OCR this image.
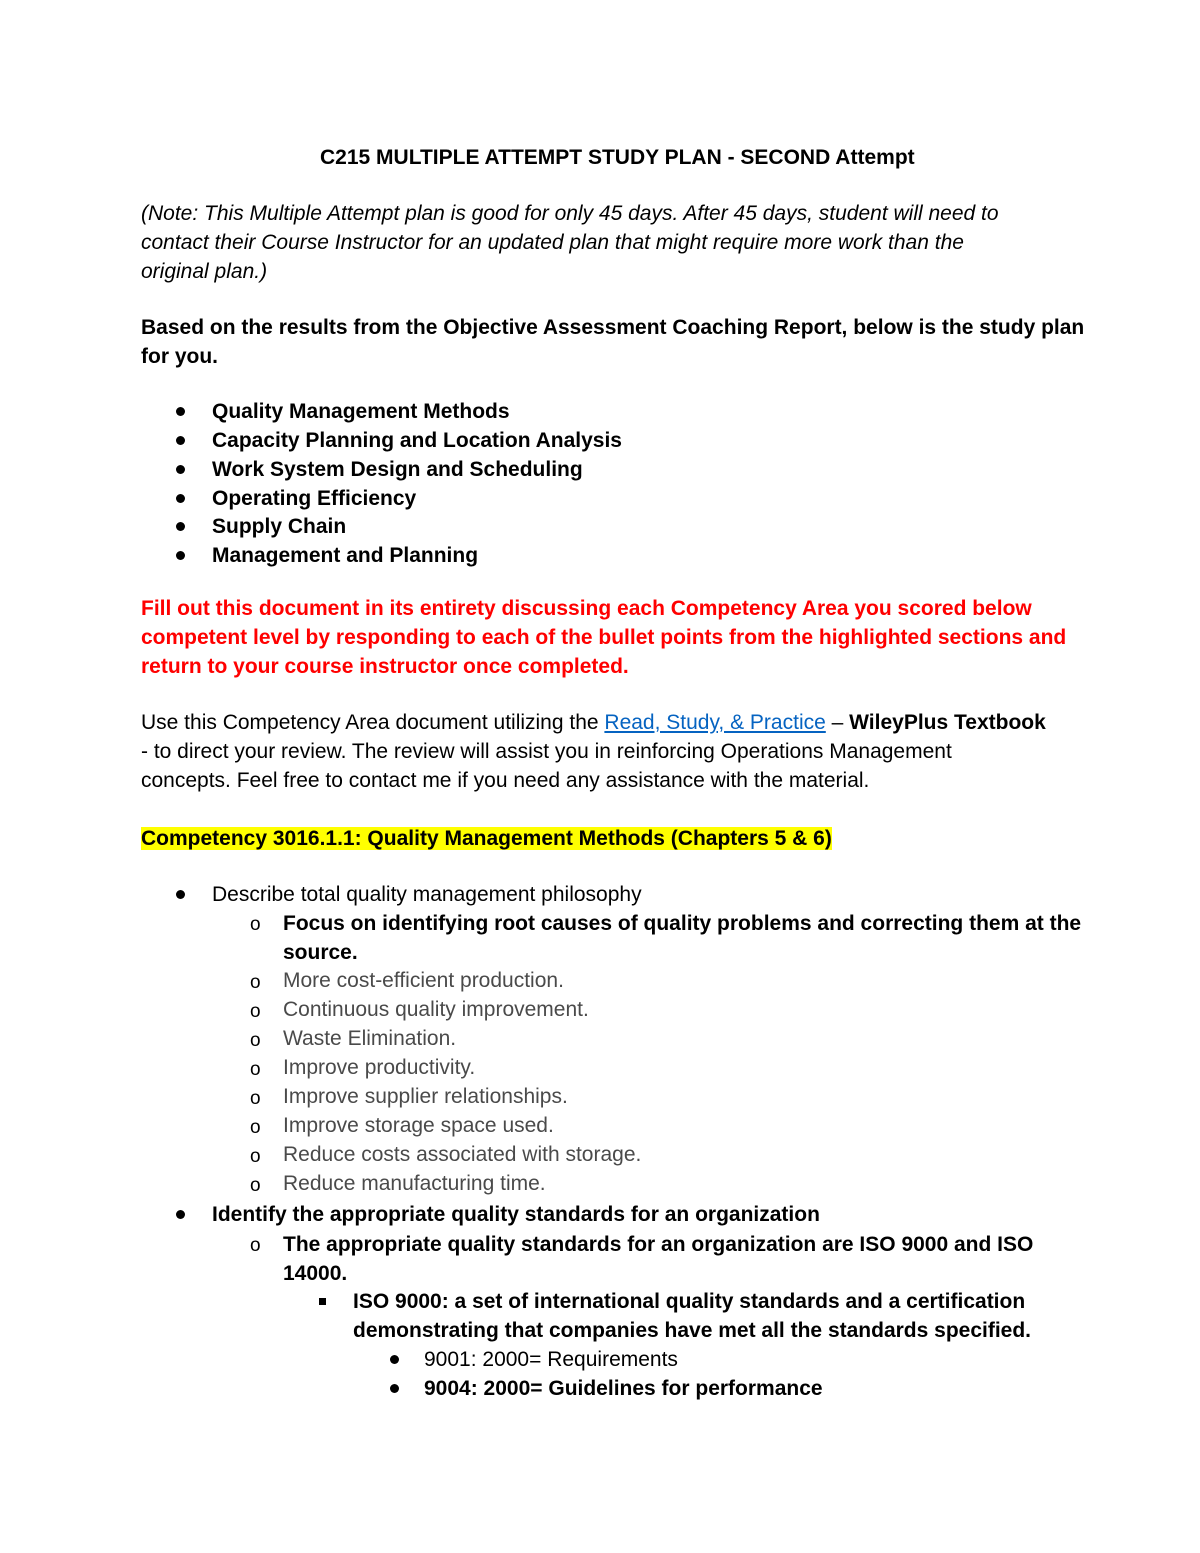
C215 MULTIPLE ATTEMPT STUDY PLAN - SECOND Attempt
(Note: This Multiple Attempt plan is good for only 45 days. After 45 days, student will need to
contact their Course Instructor for an updated plan that might require more work than the
original plan.)
Based on the results from the Objective Assessment Coaching Report, below is the study plan
for you.
Quality Management Methods
Capacity Planning and Location Analysis
Work System Design and Scheduling
Operating Efficiency
Supply Chain
Management and Planning
Fill out this document in its entirety discussing each Competency Area you scored below
competent level by responding to each of the bullet points from the highlighted sections and
return to your course instructor once completed.
Use this Competency Area document utilizing the Read, Study, & Practice – WileyPlus Textbook
- to direct your review. The review will assist you in reinforcing Operations Management
concepts. Feel free to contact me if you need any assistance with the material.
Competency 3016.1.1: Quality Management Methods (Chapters 5 & 6)
Describe total quality management philosophy
o Focus on identifying root causes of quality problems and correcting them at the
source.
o More cost-efficient production.
o Continuous quality improvement.
o Waste Elimination.
o Improve productivity.
o Improve supplier relationships.
o Improve storage space used.
o Reduce costs associated with storage.
o Reduce manufacturing time.
Identify the appropriate quality standards for an organization
o The appropriate quality standards for an organization are ISO 9000 and ISO
14000.
ISO 9000: a set of international quality standards and a certification
demonstrating that companies have met all the standards specified.
9001: 2000= Requirements
9004: 2000= Guidelines for performance
